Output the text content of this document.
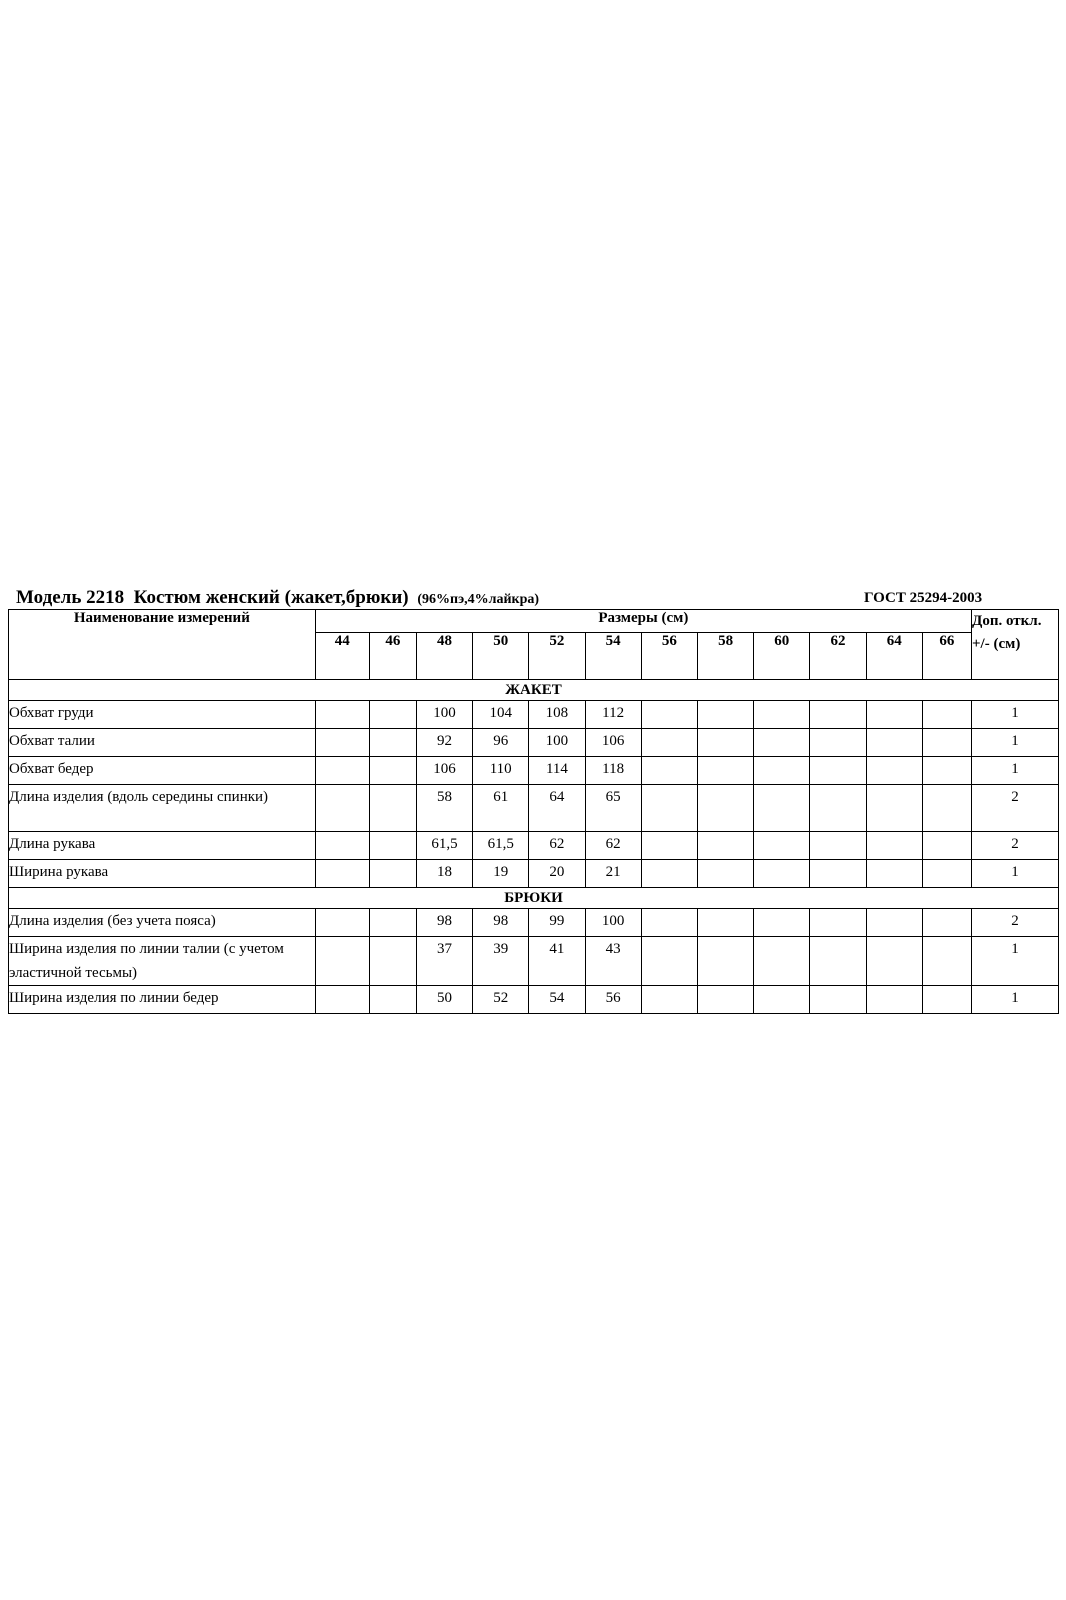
Модель 2218 Костюм женский (жакет,брюки) (96%пэ,4%лайкра)	ГОСТ 25294-2003
Наименование измерений	Размеры (см)												Доп. откл. +/- (см)
	44	46	48	50	52	54	56	58	60	62	64	66	
ЖАКЕТ													
Обхват груди			100	104	108	112							1
Обхват талии			92	96	100	106							1
Обхват бедер			106	110	114	118							1
Длина изделия (вдоль середины спинки)			58	61	64	65							2
Длина рукава			61,5	61,5	62	62							2
Ширина рукава			18	19	20	21							1
БРЮКИ													
Длина изделия (без учета пояса)			98	98	99	100							2
Ширина изделия по линии талии (с учетом эластичной тесьмы)			37	39	41	43							1
Ширина изделия по линии бедер			50	52	54	56							1
